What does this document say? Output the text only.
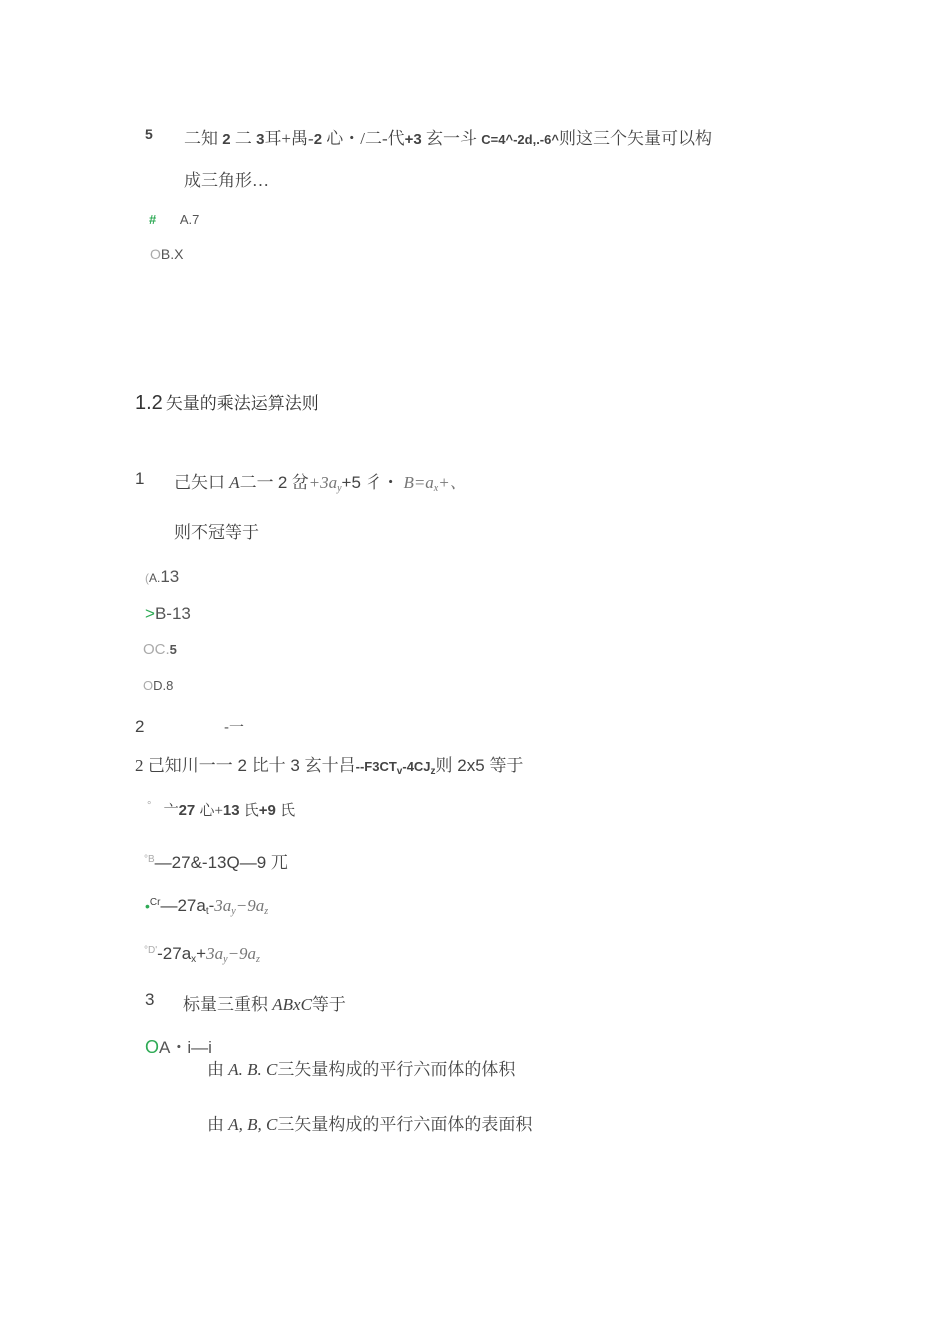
5 二知 2 二 3耳+禺-2 心・/二-代+3 玄一斗 C=4^-2d,.-6^则这三个矢量可以构
成三角形…
# A.7
OB.X
1.2 矢量的乘法运算法则
1 己矢口 A二一 2 岔$+3a_y+5$ 彳・ $B=a_x+$、
则不冠等于
(A.13
>B-13
OC.5
OD.8
2	-一
2 己知川一一 2 比十 3 玄十吕$--F3CT_v-4CJ_z$则 2x5 等于
° 亠27 心+13 氏+9 氏
$^{^\circ B}$—27&-13Q—9 兀
$•^{Cr}—27a_t-3a_y-9a_z$
$^{^\circ D'}-27a_x+3a_y-9a_z$
3 标量三重积 ABxC等于
OA・i—i
由 A. B. C三矢量构成的平行六而体的体积
由 A, B, C三矢量构成的平行六面体的表面积
